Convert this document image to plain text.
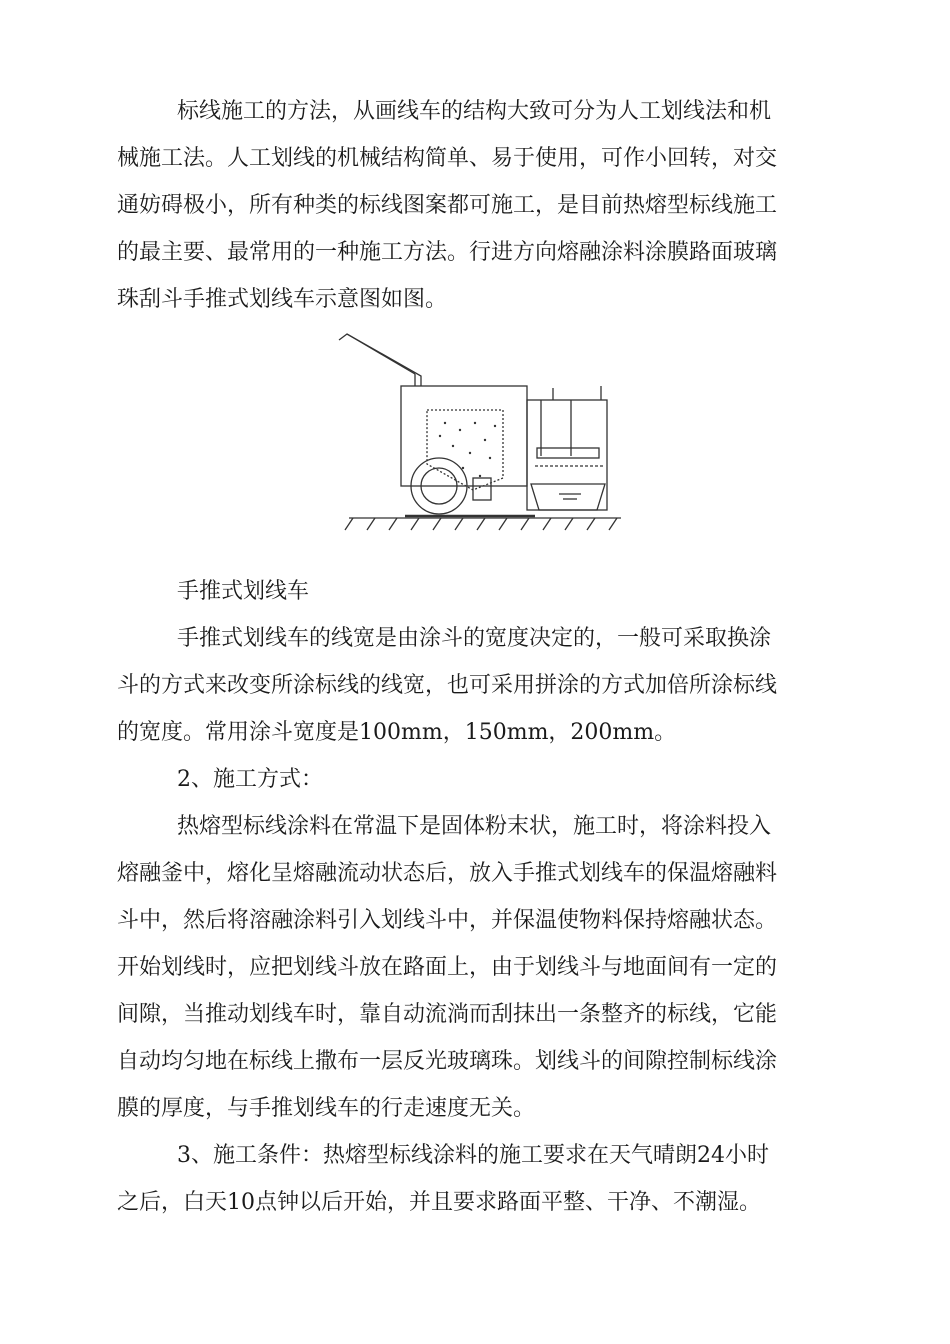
标线施工的方法，从画线车的结构大致可分为人工划线法和机
械施工法。人工划线的机械结构简单、易于使用，可作小回转，对交
通妨碍极小，所有种类的标线图案都可施工，是目前热熔型标线施工
的最主要、最常用的一种施工方法。行进方向熔融涂料涂膜路面玻璃
珠刮斗手推式划线车示意图如图。

手推式划线车

手推式划线车的线宽是由涂斗的宽度决定的，一般可采取换涂
斗的方式来改变所涂标线的线宽，也可采用拼涂的方式加倍所涂标线
的宽度。常用涂斗宽度是100mm，150mm，200mm。

2、施工方式：

热熔型标线涂料在常温下是固体粉末状，施工时，将涂料投入
熔融釜中，熔化呈熔融流动状态后，放入手推式划线车的保温熔融料
斗中，然后将溶融涂料引入划线斗中，并保温使物料保持熔融状态。
开始划线时，应把划线斗放在路面上，由于划线斗与地面间有一定的
间隙，当推动划线车时，靠自动流淌而刮抹出一条整齐的标线，它能
自动均匀地在标线上撒布一层反光玻璃珠。划线斗的间隙控制标线涂
膜的厚度，与手推划线车的行走速度无关。

3、施工条件：热熔型标线涂料的施工要求在天气晴朗24小时
之后，白天10点钟以后开始，并且要求路面平整、干净、不潮湿。
